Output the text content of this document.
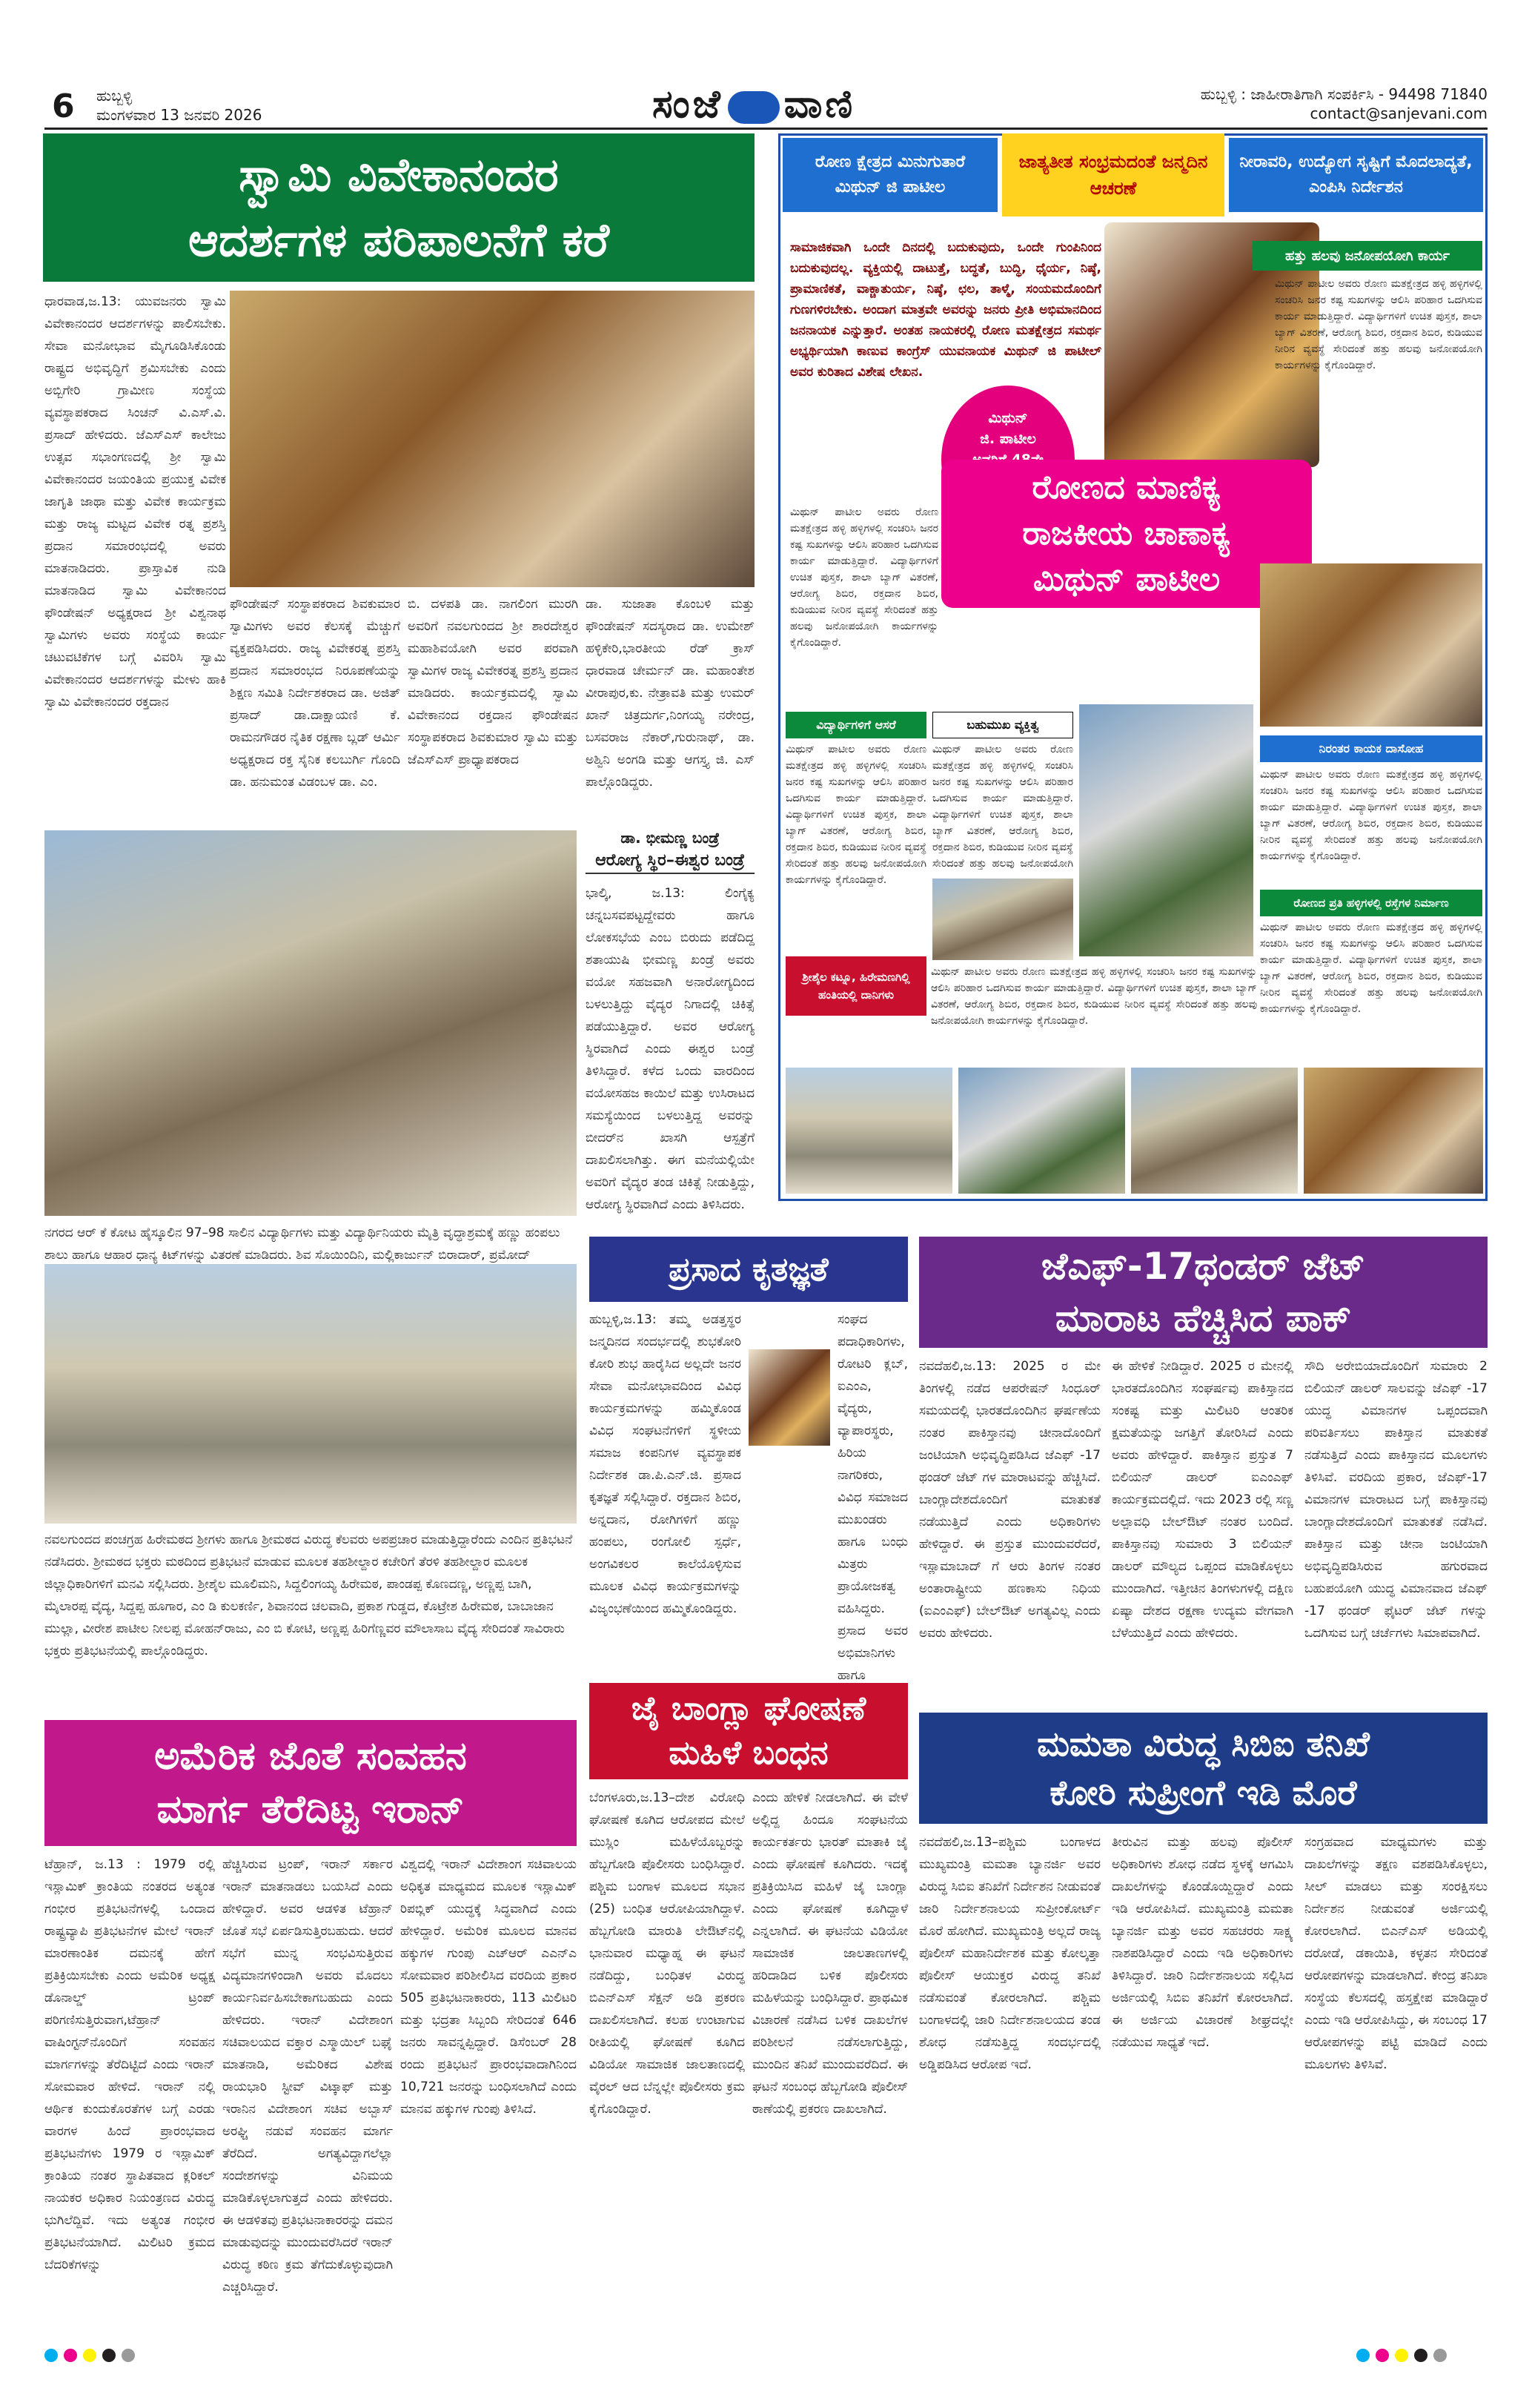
6 ಹುಬ್ಬಳ್ಳಿ
ಮಂಗಳವಾರ 13 ಜನವರಿ 2026	ಸಂಜೆ ವಾಣಿ	ಹುಬ್ಬಳ್ಳಿ : ಜಾಹೀರಾತಿಗಾಗಿ ಸಂಪರ್ಕಿಸಿ - 94498 71840
contact@sanjevani.com
ಸ್ವಾಮಿ ವಿವೇಕಾನಂದರ
ಆದರ್ಶಗಳ ಪರಿಪಾಲನೆಗೆ ಕರೆ
ಧಾರವಾಡ,ಜ.13: ಯುವಜನರು ಸ್ವಾಮಿ ವಿವೇಕಾನಂದರ ಆದರ್ಶಗಳನ್ನು ಪಾಲಿಸಬೇಕು. ಸೇವಾ ಮನೋಭಾವ ಮೈಗೂಡಿಸಿಕೊಂಡು ರಾಷ್ಟ್ರದ ಅಭಿವೃದ್ಧಿಗೆ ಶ್ರಮಿಸಬೇಕು ಎಂದು ಅಬ್ಬಿಗೇರಿ ಗ್ರಾಮೀಣ ಸಂಸ್ಥೆಯ ವ್ಯವಸ್ಥಾಪಕರಾದ ಸಿಂಚನ್ ವಿ.ಎಸ್.ವಿ. ಪ್ರಸಾದ್ ಹೇಳಿದರು. ಜೆಎಸ್ಎಸ್ ಕಾಲೇಜು ಉತ್ಸವ ಸಭಾಂಗಣದಲ್ಲಿ ಶ್ರೀ ಸ್ವಾಮಿ ವಿವೇಕಾನಂದರ ಜಯಂತಿಯ ಪ್ರಯುಕ್ತ ವಿವೇಕ ಜಾಗೃತಿ ಜಾಥಾ ಮತ್ತು ವಿವೇಕ ಕಾರ್ಯಕ್ರಮ ಮತ್ತು ರಾಜ್ಯ ಮಟ್ಟದ ವಿವೇಕ ರತ್ನ ಪ್ರಶಸ್ತಿ ಪ್ರದಾನ ಸಮಾರಂಭದಲ್ಲಿ ಅವರು ಮಾತನಾಡಿದರು. ಪ್ರಾಸ್ತಾವಿಕ ನುಡಿ ಮಾತನಾಡಿದ ಸ್ವಾಮಿ ವಿವೇಕಾನಂದ ಫೌಂಡೇಷನ್ ಅಧ್ಯಕ್ಷರಾದ ಶ್ರೀ ವಿಶ್ವನಾಥ ಸ್ವಾಮಿಗಳು ಅವರು ಸಂಸ್ಥೆಯ ಕಾರ್ಯ ಚಟುವಟಿಕೆಗಳ ಬಗ್ಗೆ ವಿವರಿಸಿ ಸ್ವಾಮಿ ವಿವೇಕಾನಂದರ ಆದರ್ಶಗಳನ್ನು ಮೇಳು ಹಾಕಿ ಸ್ವಾಮಿ ವಿವೇಕಾನಂದರ ರಕ್ತದಾನ
ಫೌಂಡೇಷನ್ ಸಂಸ್ಥಾಪಕರಾದ ಶಿವಕುಮಾರ ಸ್ವಾಮಿಗಳು ಅವರ ಕೆಲಸಕ್ಕೆ ಮೆಚ್ಚುಗೆ ವ್ಯಕ್ತಪಡಿಸಿದರು. ರಾಜ್ಯ ವಿವೇಕರತ್ನ ಪ್ರಶಸ್ತಿ ಪ್ರದಾನ ಸಮಾರಂಭದ ನಿರೂಪಣೆಯನ್ನು ಶಿಕ್ಷಣ ಸಮಿತಿ ನಿರ್ದೇಶಕರಾದ ಡಾ. ಅಜಿತ್ ಪ್ರಸಾದ್ ಡಾ.ದಾಕ್ಷಾಯಣಿ ಕೆ. ರಾಮನಗೌಡರ ನೈತಿಕ ರಕ್ಷಣಾ ಬ್ಲಡ್ ಆರ್ಮಿ ಅಧ್ಯಕ್ಷರಾದ ರಕ್ತ ಸೈನಿಕ ಕಲಬುರ್ಗಿ ಗೊಂದಿ ಡಾ. ಹನುಮಂತ ವಿಡಂಬಳ ಡಾ. ಎಂ.
ಬಿ. ದಳಪತಿ ಡಾ. ನಾಗಲಿಂಗ ಮುರಗಿ ಅವರಿಗೆ ನವಲಗುಂದದ ಶ್ರೀ ಶಾರದೇಶ್ವರ ಮಹಾಶಿವಯೋಗಿ ಅವರ ಪರವಾಗಿ ಸ್ವಾಮಿಗಳ ರಾಜ್ಯ ವಿವೇಕರತ್ನ ಪ್ರಶಸ್ತಿ ಪ್ರದಾನ ಮಾಡಿದರು. ಕಾರ್ಯಕ್ರಮದಲ್ಲಿ ಸ್ವಾಮಿ ವಿವೇಕಾನಂದ ರಕ್ತದಾನ ಫೌಂಡೇಷನ ಸಂಸ್ಥಾಪಕರಾದ ಶಿವಕುಮಾರ ಸ್ವಾಮಿ ಮತ್ತು ಜೆಎಸ್ಎಸ್ ಪ್ರಾಧ್ಯಾಪಕರಾದ
ಡಾ. ಸುಜಾತಾ ಕೊಂಬಳಿ ಮತ್ತು ಫೌಂಡೇಷನ್ ಸದಸ್ಯರಾದ ಡಾ. ಉಮೇಶ್ ಹಳ್ಳಿಕೇರಿ,ಭಾರತೀಯ ರೆಡ್ ಕ್ರಾಸ್ ಧಾರವಾಡ ಚೇರ್ಮನ್ ಡಾ. ಮಹಾಂತೇಶ ವೀರಾಪುರ,ಕು. ನೇತ್ರಾವತಿ ಮತ್ತು ಉಮರ್ ಖಾನ್ ಚಿತ್ರದುರ್ಗ,ನಿಂಗಯ್ಯ ನರೇಂದ್ರ, ಬಸವರಾಜ ನೆಕಾರ್,ಗುರುನಾಥ್, ಡಾ. ಅಶ್ವಿನಿ ಅಂಗಡಿ ಮತ್ತು ಆಗಸ್ತ್ಯ ಜಿ. ಎಸ್ ಪಾಲ್ಗೊಂಡಿದ್ದರು.
ನಗರದ ಆರ್ ಕೆ ಕೋಟ ಹೈಸ್ಕೂಲಿನ 97–98 ಸಾಲಿನ ವಿದ್ಯಾರ್ಥಿಗಳು ಮತ್ತು ವಿದ್ಯಾರ್ಥಿನಿಯರು ಮೈತ್ರಿ ವೃದ್ಧಾಶ್ರಮಕ್ಕೆ ಹಣ್ಣು ಹಂಪಲು ಶಾಲು ಹಾಗೂ ಆಹಾರ ಧಾನ್ಯ ಕಿಟ್‌ಗಳನ್ನು ವಿತರಣೆ ಮಾಡಿದರು. ಶಿವ ಸೊಯಿಂದಿನಿ, ಮಲ್ಲಿಕಾರ್ಜುನ್ ಬಿರಾದಾರ್, ಪ್ರಮೋದ್
ಡಾ. ಭೀಮಣ್ಣ ಬಂಡ್ರೆ
ಆರೋಗ್ಯ ಸ್ಥಿರ–ಈಶ್ವರ ಬಂಡ್ರೆ
ಭಾಲ್ಕಿ, ಜ.13: ಲಿಂಗೈಕ್ಯ ಚನ್ನಬಸವಪಟ್ಟದ್ದೇವರು ಹಾಗೂ ಲೋಕಸಭೆಯ ಎಂಬ ಬಿರುದು ಪಡೆದಿದ್ದ ಶತಾಯುಷಿ ಭೀಮಣ್ಣ ಖಂಡ್ರೆ ಅವರು ವಯೋ ಸಹಜವಾಗಿ ಅನಾರೋಗ್ಯದಿಂದ ಬಳಲುತ್ತಿದ್ದು ವೈದ್ಯರ ನಿಗಾದಲ್ಲಿ ಚಿಕಿತ್ಸೆ ಪಡೆಯುತ್ತಿದ್ದಾರೆ. ಅವರ ಆರೋಗ್ಯ ಸ್ಥಿರವಾಗಿದೆ ಎಂದು ಈಶ್ವರ ಬಂಡ್ರೆ ತಿಳಿಸಿದ್ದಾರೆ. ಕಳೆದ ಒಂದು ವಾರದಿಂದ ವಯೋಸಹಜ ಕಾಯಿಲೆ ಮತ್ತು ಉಸಿರಾಟದ ಸಮಸ್ಯೆಯಿಂದ ಬಳಲುತ್ತಿದ್ದ ಅವರನ್ನು ಬೀದರ್‌ನ ಖಾಸಗಿ ಆಸ್ಪತ್ರೆಗೆ ದಾಖಲಿಸಲಾಗಿತ್ತು. ಈಗ ಮನೆಯಲ್ಲಿಯೇ ಅವರಿಗೆ ವೈದ್ಯರ ತಂಡ ಚಿಕಿತ್ಸೆ ನೀಡುತ್ತಿದ್ದು, ಆರೋಗ್ಯ ಸ್ಥಿರವಾಗಿದೆ ಎಂದು ತಿಳಿಸಿದರು.
ನವಲಗುಂದದ ಪಂಚಗ್ರಹ ಹಿರೇಮಠದ ಶ್ರೀಗಳು ಹಾಗೂ ಶ್ರೀಮಠದ ವಿರುದ್ಧ ಕೆಲವರು ಅಪಪ್ರಚಾರ ಮಾಡುತ್ತಿದ್ದಾರೆಂದು ಎಂದಿನ ಪ್ರತಿಭಟನೆ ನಡೆಸಿದರು. ಶ್ರೀಮಠದ ಭಕ್ತರು ಮಠದಿಂದ ಪ್ರತಿಭಟನೆ ಮಾಡುವ ಮೂಲಕ ತಹಶೀಲ್ದಾರ ಕಚೇರಿಗೆ ತೆರಳಿ ತಹಶೀಲ್ದಾರ ಮೂಲಕ ಜಿಲ್ಲಾಧಿಕಾರಿಗಳಿಗೆ ಮನವಿ ಸಲ್ಲಿಸಿದರು. ಶ್ರೀಶೈಲ ಮೂಲಿಮನಿ, ಸಿದ್ದಲಿಂಗಯ್ಯ ಹಿರೇಮಠ, ಪಾಂಡಪ್ಪ ಕೊಣದಣ್ಣ, ಅಣ್ಣಪ್ಪ ಬಾಗಿ, ಮೈಲಾರಪ್ಪ ವೈದ್ಯ, ಸಿದ್ದಪ್ಪ ಹೂಗಾರ, ಎಂ ಡಿ ಕುಲಕರ್ಣಿ, ಶಿವಾನಂದ ಚಲವಾದಿ, ಪ್ರಕಾಶ ಗುಡ್ಡದ, ಕೊಟ್ರೇಶ ಹಿರೇಮಠ, ಬಾಬಾಜಾನ ಮುಲ್ಲಾ, ವೀರೇಶ ಪಾಟೀಲ ನೀಲಪ್ಪ ಮೋಹನ್‌ರಾಜು, ಎಂ ಬಿ ಕೋಟಿ, ಅಣ್ಣಪ್ಪ ಹಿರಿಗೆಣ್ಣವರ ಮೌಲಾಸಾಬ ವೈದ್ಯ ಸೇರಿದಂತೆ ಸಾವಿರಾರು ಭಕ್ತರು ಪ್ರತಿಭಟನೆಯಲ್ಲಿ ಪಾಲ್ಗೊಂಡಿದ್ದರು.
ಪ್ರಸಾದ ಕೃತಜ್ಞತೆ
ಹುಬ್ಬಳ್ಳಿ,ಜ.13: ತಮ್ಮ ಅಡತ್ತಸ್ಥರ ಜನ್ಮದಿನದ ಸಂದರ್ಭದಲ್ಲಿ ಶುಭಕೋರಿ ಕೋರಿ ಶುಭ ಹಾರೈಸಿದ ಅಲ್ಲದೇ ಜನರ ಸೇವಾ ಮನೋಭಾವದಿಂದ ವಿವಿಧ ಕಾರ್ಯಕ್ರಮಗಳನ್ನು ಹಮ್ಮಿಕೊಂಡ ವಿವಿಧ ಸಂಘಟನೆಗಳಿಗೆ ಸ್ಥಳೀಯ ಸಮಾಜ ಕಂಪನಿಗಳ ವ್ಯವಸ್ಥಾಪಕ ನಿರ್ದೇಶಕ ಡಾ.ಪಿ.ಎನ್.ಜಿ. ಪ್ರಸಾದ ಕೃತಜ್ಞತೆ ಸಲ್ಲಿಸಿದ್ದಾರೆ. ರಕ್ತದಾನ ಶಿಬಿರ, ಅನ್ನದಾನ, ರೋಗಿಗಳಿಗೆ ಹಣ್ಣು ಹಂಪಲು, ರಂಗೋಲಿ ಸ್ಪರ್ಧೆ, ಅಂಗವಿಕಲರ ಕಾಲೆಯೊಳ್ಳಿಸುವ ಮೂಲಕ ವಿವಿಧ ಕಾರ್ಯಕ್ರಮಗಳನ್ನು ವಿಜೃಂಭಣೆಯಿಂದ ಹಮ್ಮಿಕೊಂಡಿದ್ದರು.
ಸಂಘದ ಪದಾಧಿಕಾರಿಗಳು, ರೋಟರಿ ಕ್ಲಬ್, ಐಎಂಎ, ವೈದ್ಯರು, ವ್ಯಾಪಾರಸ್ಥರು, ಹಿರಿಯ ನಾಗರಿಕರು, ವಿವಿಧ ಸಮಾಜದ ಮುಖಂಡರು ಹಾಗೂ ಬಂಧು ಮಿತ್ರರು ಪ್ರಾಯೋಜಕತ್ವ ವಹಿಸಿದ್ದರು. ಪ್ರಸಾದ ಅವರ ಅಭಿಮಾನಿಗಳು ಹಾಗೂ
ಜೈ ಬಾಂಗ್ಲಾ ಘೋಷಣೆ
ಮಹಿಳೆ ಬಂಧನ
ಬೆಂಗಳೂರು,ಜ.13–ದೇಶ ವಿರೋಧಿ ಘೋಷಣೆ ಕೂಗಿದ ಆರೋಪದ ಮೇಲೆ ಮುಸ್ಲಿಂ ಮಹಿಳೆಯೊಬ್ಬರನ್ನು ಹೆಬ್ಬಗೋಡಿ ಪೊಲೀಸರು ಬಂಧಿಸಿದ್ದಾರೆ. ಪಶ್ಚಿಮ ಬಂಗಾಳ ಮೂಲದ ಸಭಾನ (25) ಬಂಧಿತ ಆರೋಪಿಯಾಗಿದ್ದಾಳೆ. ಹೆಬ್ಬಗೋಡಿ ಮಾರುತಿ ಲೇಔಟ್‌ನಲ್ಲಿ ಭಾನುವಾರ ಮಧ್ಯಾಹ್ನ ಈ ಘಟನೆ ನಡೆದಿದ್ದು, ಬಂಧಿತಳ ವಿರುದ್ಧ ಬಿಎನ್‌ಎಸ್ ಸೆಕ್ಷನ್ ಅಡಿ ಪ್ರಕರಣ ದಾಖಲಿಸಲಾಗಿದೆ. ಕಲಹ ಉಂಟಾಗುವ ರೀತಿಯಲ್ಲಿ ಘೋಷಣೆ ಕೂಗಿದ ವಿಡಿಯೋ ಸಾಮಾಜಿಕ ಜಾಲತಾಣದಲ್ಲಿ ವೈರಲ್ ಆದ ಬೆನ್ನಲ್ಲೇ ಪೊಲೀಸರು ಕ್ರಮ ಕೈಗೊಂಡಿದ್ದಾರೆ.
ಎಂದು ಹೇಳಿಕೆ ನೀಡಲಾಗಿದೆ. ಈ ವೇಳೆ ಅಲ್ಲಿದ್ದ ಹಿಂದೂ ಸಂಘಟನೆಯ ಕಾರ್ಯಕರ್ತರು ಭಾರತ್ ಮಾತಾಕಿ ಜೈ ಎಂದು ಘೋಷಣೆ ಕೂಗಿದರು. ಇದಕ್ಕೆ ಪ್ರತಿಕ್ರಿಯಿಸಿದ ಮಹಿಳೆ ಜೈ ಬಾಂಗ್ಲಾ ಎಂದು ಘೋಷಣೆ ಕೂಗಿದ್ದಾಳೆ ಎನ್ನಲಾಗಿದೆ. ಈ ಘಟನೆಯ ವಿಡಿಯೋ ಸಾಮಾಜಿಕ ಜಾಲತಾಣಗಳಲ್ಲಿ ಹರಿದಾಡಿದ ಬಳಿಕ ಪೊಲೀಸರು ಮಹಿಳೆಯನ್ನು ಬಂಧಿಸಿದ್ದಾರೆ. ಪ್ರಾಥಮಿಕ ವಿಚಾರಣೆ ನಡೆಸಿದ ಬಳಿಕ ದಾಖಲೆಗಳ ಪರಿಶೀಲನೆ ನಡೆಸಲಾಗುತ್ತಿದ್ದು, ಮುಂದಿನ ತನಿಖೆ ಮುಂದುವರೆದಿದೆ. ಈ ಘಟನೆ ಸಂಬಂಧ ಹೆಬ್ಬಗೋಡಿ ಪೊಲೀಸ್ ಠಾಣೆಯಲ್ಲಿ ಪ್ರಕರಣ ದಾಖಲಾಗಿದೆ.
ಅಮೆರಿಕ ಜೊತೆ ಸಂವಹನ
ಮಾರ್ಗ ತೆರೆದಿಟ್ಟ ಇರಾನ್
ಟೆಹ್ರಾನ್, ಜ.13 : 1979 ರಲ್ಲಿ ಇಸ್ಲಾಮಿಕ್ ಕ್ರಾಂತಿಯ ನಂತರದ ಅತ್ಯಂತ ಗಂಭೀರ ಪ್ರತಿಭಟನೆಗಳಲ್ಲಿ ಒಂದಾದ ರಾಷ್ಟ್ರವ್ಯಾಪಿ ಪ್ರತಿಭಟನೆಗಳ ಮೇಲೆ ಇರಾನ್ ಮಾರಣಾಂತಿಕ ದಮನಕ್ಕೆ ಹೇಗೆ ಪ್ರತಿಕ್ರಿಯಿಸಬೇಕು ಎಂದು ಅಮೆರಿಕ ಅಧ್ಯಕ್ಷ ಡೊನಾಲ್ಡ್ ಟ್ರಂಪ್ ಪರಿಗಣಿಸುತ್ತಿರುವಾಗ,ಟೆಹ್ರಾನ್ ವಾಷಿಂಗ್ಟನ್‌ನೊಂದಿಗೆ ಸಂವಹನ ಮಾರ್ಗಗಳನ್ನು ತೆರೆದಿಟ್ಟಿದೆ ಎಂದು ಇರಾನ್ ಸೋಮವಾರ ಹೇಳಿದೆ. ಇರಾನ್ ನಲ್ಲಿ ಆರ್ಥಿಕ ಕುಂದುಕೊರತೆಗಳ ಬಗ್ಗೆ ಎರಡು ವಾರಗಳ ಹಿಂದೆ ಪ್ರಾರಂಭವಾದ ಪ್ರತಿಭಟನೆಗಳು 1979 ರ ಇಸ್ಲಾಮಿಕ್ ಕ್ರಾಂತಿಯ ನಂತರ ಸ್ಥಾಪಿತವಾದ ಕ್ಲರಿಕಲ್ ನಾಯಕರ ಅಧಿಕಾರ ನಿಯಂತ್ರಣದ ವಿರುದ್ಧ ಭುಗಿಲೆದ್ದಿವೆ. ಇದು ಅತ್ಯಂತ ಗಂಭೀರ ಪ್ರತಿಭಟನೆಯಾಗಿದೆ. ಮಿಲಿಟರಿ ಕ್ರಮದ ಬೆದರಿಕೆಗಳನ್ನು
ಹೆಚ್ಚಿಸಿರುವ ಟ್ರಂಪ್, ಇರಾನ್ ಸರ್ಕಾರ ಇರಾನ್ ಮಾತನಾಡಲು ಬಯಸಿದೆ ಎಂದು ಹೇಳಿದ್ದಾರೆ. ಅವರ ಆಡಳಿತ ಟೆಹ್ರಾನ್ ಜೊತೆ ಸಭೆ ಏರ್ಪಡಿಸುತ್ತಿರಬಹುದು. ಆದರೆ ಸಭೆಗೆ ಮುನ್ನ ಸಂಭವಿಸುತ್ತಿರುವ ವಿದ್ಯಮಾನಗಳಿಂದಾಗಿ ಅವರು ಮೊದಲು ಕಾರ್ಯನಿರ್ವಹಿಸಬೇಕಾಗಬಹುದು ಎಂದು ಹೇಳಿದರು. ಇರಾನ್ ವಿದೇಶಾಂಗ ಸಚಿವಾಲಯದ ವಕ್ತಾರ ಎಸ್ಮಾಯಿಲ್ ಬಘೈ ಮಾತನಾಡಿ, ಅಮೆರಿಕದ ವಿಶೇಷ ರಾಯಭಾರಿ ಸ್ಟೀವ್ ವಿಟ್ಕಾಫ್ ಮತ್ತು ಇರಾನಿನ ವಿದೇಶಾಂಗ ಸಚಿವ ಅಬ್ಬಾಸ್ ಅರಘ್ಚಿ ನಡುವೆ ಸಂವಹನ ಮಾರ್ಗ ತೆರೆದಿದೆ. ಅಗತ್ಯವಿದ್ದಾಗಲೆಲ್ಲಾ ಸಂದೇಶಗಳನ್ನು ವಿನಿಮಯ ಮಾಡಿಕೊಳ್ಳಲಾಗುತ್ತದೆ ಎಂದು ಹೇಳಿದರು. ಈ ಆಡಳಿತವು ಪ್ರತಿಭಟನಾಕಾರರನ್ನು ದಮನ ಮಾಡುವುದನ್ನು ಮುಂದುವರೆಸಿದರೆ ಇರಾನ್ ವಿರುದ್ಧ ಕಠಿಣ ಕ್ರಮ ತೆಗೆದುಕೊಳ್ಳುವುದಾಗಿ ಎಚ್ಚರಿಸಿದ್ದಾರೆ.
ವಿಶ್ವದಲ್ಲಿ ಇರಾನ್ ವಿದೇಶಾಂಗ ಸಚಿವಾಲಯ ಅಧಿಕೃತ ಮಾಧ್ಯಮದ ಮೂಲಕ ಇಸ್ಲಾಮಿಕ್ ರಿಪಬ್ಲಿಕ್ ಯುದ್ಧಕ್ಕೆ ಸಿದ್ಧವಾಗಿದೆ ಎಂದು ಹೇಳಿದ್ದಾರೆ. ಅಮೆರಿಕ ಮೂಲದ ಮಾನವ ಹಕ್ಕುಗಳ ಗುಂಪು ಎಚ್‌ಆರ್ ಎಎನ್‌ಎ ಸೋಮವಾರ ಪರಿಶೀಲಿಸಿದ ವರದಿಯ ಪ್ರಕಾರ 505 ಪ್ರತಿಭಟನಾಕಾರರು, 113 ಮಿಲಿಟರಿ ಮತ್ತು ಭದ್ರತಾ ಸಿಬ್ಬಂದಿ ಸೇರಿದಂತೆ 646 ಜನರು ಸಾವನ್ನಪ್ಪಿದ್ದಾರೆ. ಡಿಸೆಂಬರ್ 28 ರಂದು ಪ್ರತಿಭಟನೆ ಪ್ರಾರಂಭವಾದಾಗಿನಿಂದ 10,721 ಜನರನ್ನು ಬಂಧಿಸಲಾಗಿದೆ ಎಂದು ಮಾನವ ಹಕ್ಕುಗಳ ಗುಂಪು ತಿಳಿಸಿದೆ.
ಜೆಎಫ್-17ಥಂಡರ್ ಜೆಟ್
ಮಾರಾಟ ಹೆಚ್ಚಿಸಿದ ಪಾಕ್
ನವದೆಹಲಿ,ಜ.13: 2025 ರ ಮೇ ತಿಂಗಳಲ್ಲಿ ನಡೆದ ಆಪರೇಷನ್ ಸಿಂಧೂರ್ ಸಮಯದಲ್ಲಿ ಭಾರತದೊಂದಿಗಿನ ಘರ್ಷಣೆಯ ನಂತರ ಪಾಕಿಸ್ತಾನವು ಚೀನಾದೊಂದಿಗೆ ಜಂಟಿಯಾಗಿ ಅಭಿವೃದ್ಧಿಪಡಿಸಿದ ಜೆಎಫ್ -17 ಥಂಡರ್ ಜೆಟ್ ಗಳ ಮಾರಾಟವನ್ನು ಹೆಚ್ಚಿಸಿದೆ. ಬಾಂಗ್ಲಾದೇಶದೊಂದಿಗೆ ಮಾತುಕತೆ ನಡೆಯುತ್ತಿದೆ ಎಂದು ಅಧಿಕಾರಿಗಳು ಹೇಳಿದ್ದಾರೆ. ಈ ಪ್ರಸ್ತುತ ಮುಂದುವರೆದರೆ, ಇಸ್ಲಾಮಾಬಾದ್ ಗೆ ಆರು ತಿಂಗಳ ನಂತರ ಅಂತಾರಾಷ್ಟ್ರೀಯ ಹಣಕಾಸು ನಿಧಿಯ (ಐಎಂಎಫ್) ಬೇಲ್ಔಟ್ ಅಗತ್ಯವಿಲ್ಲ ಎಂದು ಅವರು ಹೇಳಿದರು.
ಈ ಹೇಳಿಕೆ ನೀಡಿದ್ದಾರೆ. 2025 ರ ಮೇನಲ್ಲಿ ಭಾರತದೊಂದಿಗಿನ ಸಂಘರ್ಷವು ಪಾಕಿಸ್ತಾನದ ಸಂಕಷ್ಟ ಮತ್ತು ಮಿಲಿಟರಿ ಆಂತರಿಕ ಕ್ಷಮತೆಯನ್ನು ಜಗತ್ತಿಗೆ ತೋರಿಸಿದೆ ಎಂದು ಅವರು ಹೇಳಿದ್ದಾರೆ. ಪಾಕಿಸ್ತಾನ ಪ್ರಸ್ತುತ 7 ಬಿಲಿಯನ್ ಡಾಲರ್ ಐಎಂಎಫ್ ಕಾರ್ಯಕ್ರಮದಲ್ಲಿದೆ. ಇದು 2023 ರಲ್ಲಿ ಸಣ್ಣ ಅಲ್ಪಾವಧಿ ಬೇಲ್ಔಟ್ ನಂತರ ಬಂದಿದೆ. ಪಾಕಿಸ್ತಾನವು ಸುಮಾರು 3 ಬಿಲಿಯನ್ ಡಾಲರ್ ಮೌಲ್ಯದ ಒಪ್ಪಂದ ಮಾಡಿಕೊಳ್ಳಲು ಮುಂದಾಗಿದೆ. ಇತ್ತೀಚಿನ ತಿಂಗಳುಗಳಲ್ಲಿ ದಕ್ಷಿಣ ಏಷ್ಯಾ ದೇಶದ ರಕ್ಷಣಾ ಉದ್ಯಮ ವೇಗವಾಗಿ ಬೆಳೆಯುತ್ತಿದೆ ಎಂದು ಹೇಳಿದರು.
ಸೌದಿ ಅರೇಬಿಯಾದೊಂದಿಗೆ ಸುಮಾರು 2 ಬಿಲಿಯನ್ ಡಾಲರ್ ಸಾಲವನ್ನು ಜೆಎಫ್ -17 ಯುದ್ಧ ವಿಮಾನಗಳ ಒಪ್ಪಂದವಾಗಿ ಪರಿವರ್ತಿಸಲು ಪಾಕಿಸ್ತಾನ ಮಾತುಕತೆ ನಡೆಸುತ್ತಿದೆ ಎಂದು ಪಾಕಿಸ್ತಾನದ ಮೂಲಗಳು ತಿಳಿಸಿವೆ. ವರದಿಯ ಪ್ರಕಾರ, ಜೆಎಫ್-17 ವಿಮಾನಗಳ ಮಾರಾಟದ ಬಗ್ಗೆ ಪಾಕಿಸ್ತಾನವು ಬಾಂಗ್ಲಾದೇಶದೊಂದಿಗೆ ಮಾತುಕತೆ ನಡೆಸಿದೆ. ಪಾಕಿಸ್ತಾನ ಮತ್ತು ಚೀನಾ ಜಂಟಿಯಾಗಿ ಅಭಿವೃದ್ಧಿಪಡಿಸಿರುವ ಹಗುರವಾದ ಬಹುಪಯೋಗಿ ಯುದ್ಧ ವಿಮಾನವಾದ ಜೆಎಫ್ -17 ಥಂಡರ್ ಫೈಟರ್ ಜೆಟ್ ಗಳನ್ನು ಒದಗಿಸುವ ಬಗ್ಗೆ ಚರ್ಚೆಗಳು ಸಿಮಾಪವಾಗಿದೆ.
ಮಮತಾ ವಿರುದ್ಧ ಸಿಬಿಐ ತನಿಖೆ
ಕೋರಿ ಸುಪ್ರೀಂಗೆ ಇಡಿ ಮೊರೆ
ನವದೆಹಲಿ,ಜ.13–ಪಶ್ಚಿಮ ಬಂಗಾಳದ ಮುಖ್ಯಮಂತ್ರಿ ಮಮತಾ ಬ್ಯಾನರ್ಜಿ ಅವರ ವಿರುದ್ಧ ಸಿಬಿಐ ತನಿಖೆಗೆ ನಿರ್ದೇಶನ ನೀಡುವಂತೆ ಜಾರಿ ನಿರ್ದೇಶನಾಲಯ ಸುಪ್ರೀಂಕೋರ್ಟ್ ಮೊರೆ ಹೋಗಿದೆ. ಮುಖ್ಯಮಂತ್ರಿ ಅಲ್ಲದೆ ರಾಜ್ಯ ಪೊಲೀಸ್ ಮಹಾನಿರ್ದೇಶಕ ಮತ್ತು ಕೋಲ್ಕತ್ತಾ ಪೊಲೀಸ್ ಆಯುಕ್ತರ ವಿರುದ್ಧ ತನಿಖೆ ನಡೆಸುವಂತೆ ಕೋರಲಾಗಿದೆ. ಪಶ್ಚಿಮ ಬಂಗಾಳದಲ್ಲಿ ಜಾರಿ ನಿರ್ದೇಶನಾಲಯದ ತಂಡ ಶೋಧ ನಡೆಸುತ್ತಿದ್ದ ಸಂದರ್ಭದಲ್ಲಿ ಅಡ್ಡಿಪಡಿಸಿದ ಆರೋಪ ಇದೆ.
ತೀರುವಿನ ಮತ್ತು ಹಲವು ಪೊಲೀಸ್ ಅಧಿಕಾರಿಗಳು ಶೋಧ ನಡೆದ ಸ್ಥಳಕ್ಕೆ ಆಗಮಿಸಿ ದಾಖಲೆಗಳನ್ನು ಕೊಂಡೊಯ್ದಿದ್ದಾರೆ ಎಂದು ಇಡಿ ಆರೋಪಿಸಿದೆ. ಮುಖ್ಯಮಂತ್ರಿ ಮಮತಾ ಬ್ಯಾನರ್ಜಿ ಮತ್ತು ಅವರ ಸಹಚರರು ಸಾಕ್ಷ್ಯ ನಾಶಪಡಿಸಿದ್ದಾರೆ ಎಂದು ಇಡಿ ಅಧಿಕಾರಿಗಳು ತಿಳಿಸಿದ್ದಾರೆ. ಜಾರಿ ನಿರ್ದೇಶನಾಲಯ ಸಲ್ಲಿಸಿದ ಅರ್ಜಿಯಲ್ಲಿ ಸಿಬಿಐ ತನಿಖೆಗೆ ಕೋರಲಾಗಿದೆ. ಈ ಅರ್ಜಿಯ ವಿಚಾರಣೆ ಶೀಘ್ರದಲ್ಲೇ ನಡೆಯುವ ಸಾಧ್ಯತೆ ಇದೆ.
ಸಂಗ್ರಹವಾದ ಮಾಧ್ಯಮಗಳು ಮತ್ತು ದಾಖಲೆಗಳನ್ನು ತಕ್ಷಣ ವಶಪಡಿಸಿಕೊಳ್ಳಲು, ಸೀಲ್ ಮಾಡಲು ಮತ್ತು ಸಂರಕ್ಷಿಸಲು ನಿರ್ದೇಶನ ನೀಡುವಂತೆ ಅರ್ಜಿಯಲ್ಲಿ ಕೋರಲಾಗಿದೆ. ಬಿಎನ್‌ಎಸ್ ಅಡಿಯಲ್ಲಿ ದರೋಡೆ, ಡಕಾಯಿತಿ, ಕಳ್ಳತನ ಸೇರಿದಂತೆ ಆರೋಪಗಳನ್ನು ಮಾಡಲಾಗಿದೆ. ಕೇಂದ್ರ ತನಿಖಾ ಸಂಸ್ಥೆಯ ಕೆಲಸದಲ್ಲಿ ಹಸ್ತಕ್ಷೇಪ ಮಾಡಿದ್ದಾರೆ ಎಂದು ಇಡಿ ಆರೋಪಿಸಿದ್ದು, ಈ ಸಂಬಂಧ 17 ಆರೋಪಗಳನ್ನು ಪಟ್ಟಿ ಮಾಡಿದೆ ಎಂದು ಮೂಲಗಳು ತಿಳಿಸಿವೆ.
ರೋಣ ಕ್ಷೇತ್ರದ ಮಿನುಗುತಾರೆ ಮಿಥುನ್ ಜಿ ಪಾಟೀಲ
ಜಾತ್ಯತೀತ ಸಂಭ್ರಮದಂತೆ ಜನ್ಮದಿನ ಆಚರಣೆ
ನೀರಾವರಿ, ಉದ್ಯೋಗ ಸೃಷ್ಟಿಗೆ ಮೊದಲಾದ್ಯತೆ, ಎಂಪಿಸಿ ನಿರ್ದೇಶನ
ಸಾಮಾಜಿಕವಾಗಿ ಒಂದೇ ದಿನದಲ್ಲಿ ಬದುಕುವುದು, ಒಂದೇ ಗುಂಪಿನಿಂದ ಬದುಕುವುದಲ್ಲ. ವ್ಯಕ್ತಿಯಲ್ಲಿ ದಾಟುತ್ತೆ, ಬದ್ಧತೆ, ಬುದ್ಧಿ, ಧೈರ್ಯ, ನಿಷ್ಠೆ, ಪ್ರಾಮಾಣಿಕತೆ, ವಾಕ್ಚಾತುರ್ಯ, ನಿಷ್ಠೆ, ಛಲ, ತಾಳ್ಮೆ, ಸಂಯಮದೊಂದಿಗೆ ಗುಣಗಳಿರಬೇಕು. ಅಂದಾಗ ಮಾತ್ರವೇ ಅವರನ್ನು ಜನರು ಪ್ರೀತಿ ಅಭಿಮಾನದಿಂದ ಜನನಾಯಕ ಎನ್ನುತ್ತಾರೆ. ಅಂತಹ ನಾಯಕರಲ್ಲಿ ರೋಣ ಮತಕ್ಷೇತ್ರದ ಸಮರ್ಥ ಅಭ್ಯರ್ಥಿಯಾಗಿ ಕಾಣುವ ಕಾಂಗ್ರೆಸ್ ಯುವನಾಯಕ ಮಿಥುನ್ ಜಿ ಪಾಟೀಲ್ ಅವರ ಕುರಿತಾದ ವಿಶೇಷ ಲೇಖನ.
ಮಿಥುನ್
ಜಿ. ಪಾಟೀಲ
ರೋಣದ ಮಾಣಿಕ್ಯ
ರಾಜಕೀಯ ಚಾಣಾಕ್ಯ
ಮಿಥುನ್ ಪಾಟೀಲ
ಹತ್ತು ಹಲವು ಜನೋಪಯೋಗಿ ಕಾರ್ಯ
ಮಿಥುನ್ ಪಾಟೀಲ ಅವರು ರೋಣ ಮತಕ್ಷೇತ್ರದ ಹಳ್ಳಿ ಹಳ್ಳಿಗಳಲ್ಲಿ ಸಂಚರಿಸಿ ಜನರ ಕಷ್ಟ ಸುಖಗಳನ್ನು ಆಲಿಸಿ ಪರಿಹಾರ ಒದಗಿಸುವ ಕಾರ್ಯ ಮಾಡುತ್ತಿದ್ದಾರೆ. ವಿದ್ಯಾರ್ಥಿಗಳಿಗೆ ಉಚಿತ ಪುಸ್ತಕ, ಶಾಲಾ ಬ್ಯಾಗ್ ವಿತರಣೆ, ಆರೋಗ್ಯ ಶಿಬಿರ, ರಕ್ತದಾನ ಶಿಬಿರ, ಕುಡಿಯುವ ನೀರಿನ ವ್ಯವಸ್ಥೆ ಸೇರಿದಂತೆ ಹತ್ತು ಹಲವು ಜನೋಪಯೋಗಿ ಕಾರ್ಯಗಳನ್ನು ಕೈಗೊಂಡಿದ್ದಾರೆ.
ಮಿಥುನ್ ಪಾಟೀಲ ಅವರು ರೋಣ ಮತಕ್ಷೇತ್ರದ ಹಳ್ಳಿ ಹಳ್ಳಿಗಳಲ್ಲಿ ಸಂಚರಿಸಿ ಜನರ ಕಷ್ಟ ಸುಖಗಳನ್ನು ಆಲಿಸಿ ಪರಿಹಾರ ಒದಗಿಸುವ ಕಾರ್ಯ ಮಾಡುತ್ತಿದ್ದಾರೆ. ವಿದ್ಯಾರ್ಥಿಗಳಿಗೆ ಉಚಿತ ಪುಸ್ತಕ, ಶಾಲಾ ಬ್ಯಾಗ್ ವಿತರಣೆ, ಆರೋಗ್ಯ ಶಿಬಿರ, ರಕ್ತದಾನ ಶಿಬಿರ, ಕುಡಿಯುವ ನೀರಿನ ವ್ಯವಸ್ಥೆ ಸೇರಿದಂತೆ ಹತ್ತು ಹಲವು ಜನೋಪಯೋಗಿ ಕಾರ್ಯಗಳನ್ನು ಕೈಗೊಂಡಿದ್ದಾರೆ.
ವಿದ್ಯಾರ್ಥಿಗಳಿಗೆ ಆಸರೆ
ಮಿಥುನ್ ಪಾಟೀಲ ಅವರು ರೋಣ ಮತಕ್ಷೇತ್ರದ ಹಳ್ಳಿ ಹಳ್ಳಿಗಳಲ್ಲಿ ಸಂಚರಿಸಿ ಜನರ ಕಷ್ಟ ಸುಖಗಳನ್ನು ಆಲಿಸಿ ಪರಿಹಾರ ಒದಗಿಸುವ ಕಾರ್ಯ ಮಾಡುತ್ತಿದ್ದಾರೆ. ವಿದ್ಯಾರ್ಥಿಗಳಿಗೆ ಉಚಿತ ಪುಸ್ತಕ, ಶಾಲಾ ಬ್ಯಾಗ್ ವಿತರಣೆ, ಆರೋಗ್ಯ ಶಿಬಿರ, ರಕ್ತದಾನ ಶಿಬಿರ, ಕುಡಿಯುವ ನೀರಿನ ವ್ಯವಸ್ಥೆ ಸೇರಿದಂತೆ ಹತ್ತು ಹಲವು ಜನೋಪಯೋಗಿ ಕಾರ್ಯಗಳನ್ನು ಕೈಗೊಂಡಿದ್ದಾರೆ.
ಬಹುಮುಖ ವ್ಯಕ್ತಿತ್ವ
ಮಿಥುನ್ ಪಾಟೀಲ ಅವರು ರೋಣ ಮತಕ್ಷೇತ್ರದ ಹಳ್ಳಿ ಹಳ್ಳಿಗಳಲ್ಲಿ ಸಂಚರಿಸಿ ಜನರ ಕಷ್ಟ ಸುಖಗಳನ್ನು ಆಲಿಸಿ ಪರಿಹಾರ ಒದಗಿಸುವ ಕಾರ್ಯ ಮಾಡುತ್ತಿದ್ದಾರೆ. ವಿದ್ಯಾರ್ಥಿಗಳಿಗೆ ಉಚಿತ ಪುಸ್ತಕ, ಶಾಲಾ ಬ್ಯಾಗ್ ವಿತರಣೆ, ಆರೋಗ್ಯ ಶಿಬಿರ, ರಕ್ತದಾನ ಶಿಬಿರ, ಕುಡಿಯುವ ನೀರಿನ ವ್ಯವಸ್ಥೆ ಸೇರಿದಂತೆ ಹತ್ತು ಹಲವು ಜನೋಪಯೋಗಿ
ನಿರಂತರ ಕಾಯಕ ದಾಸೋಹ
ಮಿಥುನ್ ಪಾಟೀಲ ಅವರು ರೋಣ ಮತಕ್ಷೇತ್ರದ ಹಳ್ಳಿ ಹಳ್ಳಿಗಳಲ್ಲಿ ಸಂಚರಿಸಿ ಜನರ ಕಷ್ಟ ಸುಖಗಳನ್ನು ಆಲಿಸಿ ಪರಿಹಾರ ಒದಗಿಸುವ ಕಾರ್ಯ ಮಾಡುತ್ತಿದ್ದಾರೆ. ವಿದ್ಯಾರ್ಥಿಗಳಿಗೆ ಉಚಿತ ಪುಸ್ತಕ, ಶಾಲಾ ಬ್ಯಾಗ್ ವಿತರಣೆ, ಆರೋಗ್ಯ ಶಿಬಿರ, ರಕ್ತದಾನ ಶಿಬಿರ, ಕುಡಿಯುವ ನೀರಿನ ವ್ಯವಸ್ಥೆ ಸೇರಿದಂತೆ ಹತ್ತು ಹಲವು ಜನೋಪಯೋಗಿ ಕಾರ್ಯಗಳನ್ನು ಕೈಗೊಂಡಿದ್ದಾರೆ.
ರೋಣದ ಪ್ರತಿ ಹಳ್ಳಿಗಳಲ್ಲಿ ರಸ್ತೆಗಳ ನಿರ್ಮಾಣ
ಮಿಥುನ್ ಪಾಟೀಲ ಅವರು ರೋಣ ಮತಕ್ಷೇತ್ರದ ಹಳ್ಳಿ ಹಳ್ಳಿಗಳಲ್ಲಿ ಸಂಚರಿಸಿ ಜನರ ಕಷ್ಟ ಸುಖಗಳನ್ನು ಆಲಿಸಿ ಪರಿಹಾರ ಒದಗಿಸುವ ಕಾರ್ಯ ಮಾಡುತ್ತಿದ್ದಾರೆ. ವಿದ್ಯಾರ್ಥಿಗಳಿಗೆ ಉಚಿತ ಪುಸ್ತಕ, ಶಾಲಾ ಬ್ಯಾಗ್ ವಿತರಣೆ, ಆರೋಗ್ಯ ಶಿಬಿರ, ರಕ್ತದಾನ ಶಿಬಿರ, ಕುಡಿಯುವ ನೀರಿನ ವ್ಯವಸ್ಥೆ ಸೇರಿದಂತೆ ಹತ್ತು ಹಲವು ಜನೋಪಯೋಗಿ ಕಾರ್ಯಗಳನ್ನು ಕೈಗೊಂಡಿದ್ದಾರೆ.
ಶ್ರೀಶೈಲ ಕಟ್ನೂ, ಹಿರೇಮಣಗಿಲ್ಲಿ ಹಂತಿಯಲ್ಲಿ ದಾನಿಗಳು
ಮಿಥುನ್ ಪಾಟೀಲ ಅವರು ರೋಣ ಮತಕ್ಷೇತ್ರದ ಹಳ್ಳಿ ಹಳ್ಳಿಗಳಲ್ಲಿ ಸಂಚರಿಸಿ ಜನರ ಕಷ್ಟ ಸುಖಗಳನ್ನು ಆಲಿಸಿ ಪರಿಹಾರ ಒದಗಿಸುವ ಕಾರ್ಯ ಮಾಡುತ್ತಿದ್ದಾರೆ. ವಿದ್ಯಾರ್ಥಿಗಳಿಗೆ ಉಚಿತ ಪುಸ್ತಕ, ಶಾಲಾ ಬ್ಯಾಗ್ ವಿತರಣೆ, ಆರೋಗ್ಯ ಶಿಬಿರ, ರಕ್ತದಾನ ಶಿಬಿರ, ಕುಡಿಯುವ ನೀರಿನ ವ್ಯವಸ್ಥೆ ಸೇರಿದಂತೆ ಹತ್ತು ಹಲವು ಜನೋಪಯೋಗಿ ಕಾರ್ಯಗಳನ್ನು ಕೈಗೊಂಡಿದ್ದಾರೆ.
